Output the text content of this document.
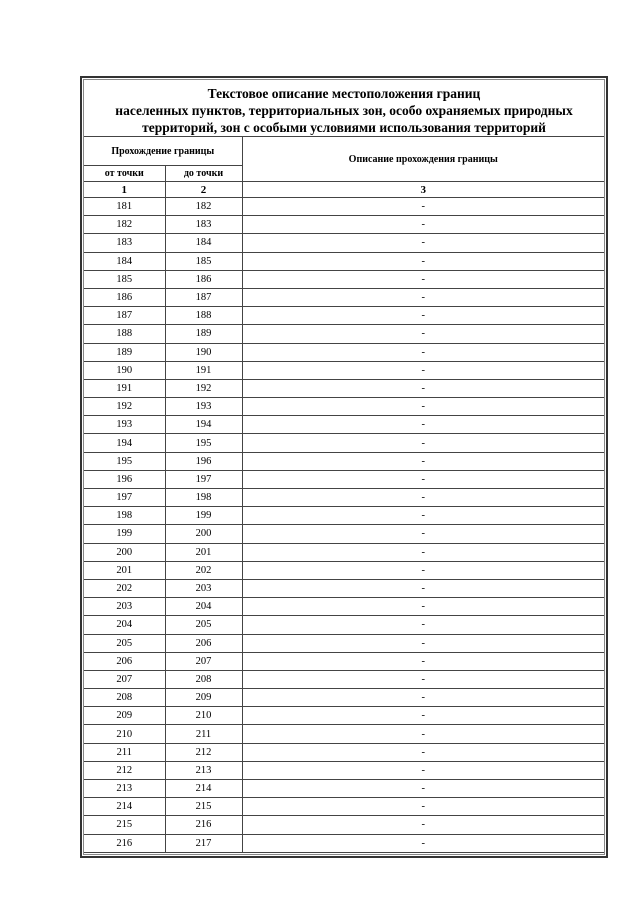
Текстовое описание местоположения границ
населенных пунктов, территориальных зон, особо охраняемых природных
территорий, зон с особыми условиями использования территорий
Прохождение границы		Описание прохождения границы
от точки	до точки	
1	2	3
181	182	-
182	183	-
183	184	-
184	185	-
185	186	-
186	187	-
187	188	-
188	189	-
189	190	-
190	191	-
191	192	-
192	193	-
193	194	-
194	195	-
195	196	-
196	197	-
197	198	-
198	199	-
199	200	-
200	201	-
201	202	-
202	203	-
203	204	-
204	205	-
205	206	-
206	207	-
207	208	-
208	209	-
209	210	-
210	211	-
211	212	-
212	213	-
213	214	-
214	215	-
215	216	-
216	217	-
